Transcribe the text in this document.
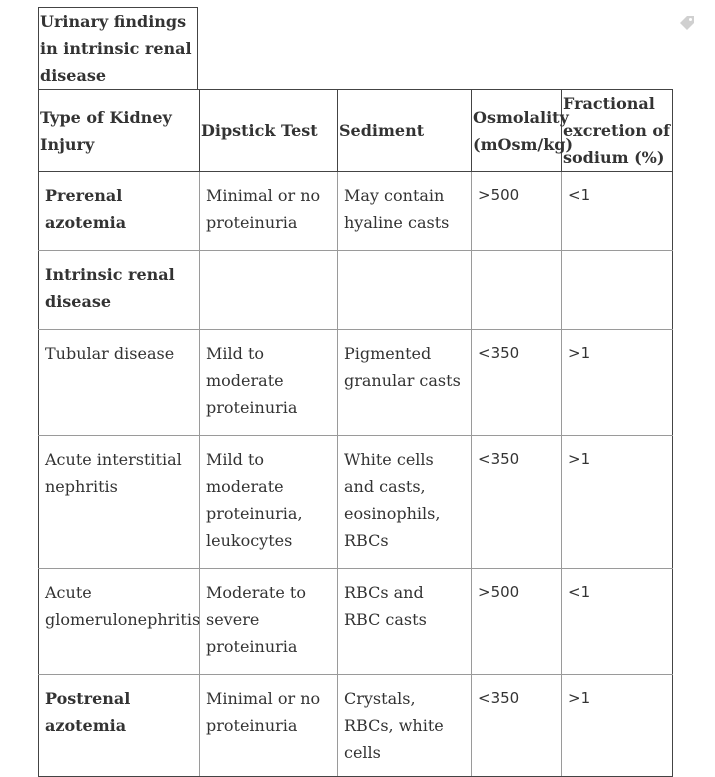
Urinary findings in intrinsic renal disease
Type of Kidney Injury	Dipstick Test	Sediment	Osmolality (mOsm/kg)	Fractional excretion of sodium (%)
Prerenal azotemia	Minimal or no proteinuria	May contain hyaline casts	>500	<1
Intrinsic renal disease				
Tubular disease	Mild to moderate proteinuria	Pigmented granular casts	<350	>1
Acute interstitial nephritis	Mild to moderate proteinuria, leukocytes	White cells and casts, eosinophils, RBCs	<350	>1
Acute glomerulonephritis	Moderate to severe proteinuria	RBCs and RBC casts	>500	<1
Postrenal azotemia	Minimal or no proteinuria	Crystals, RBCs, white cells	<350	>1
